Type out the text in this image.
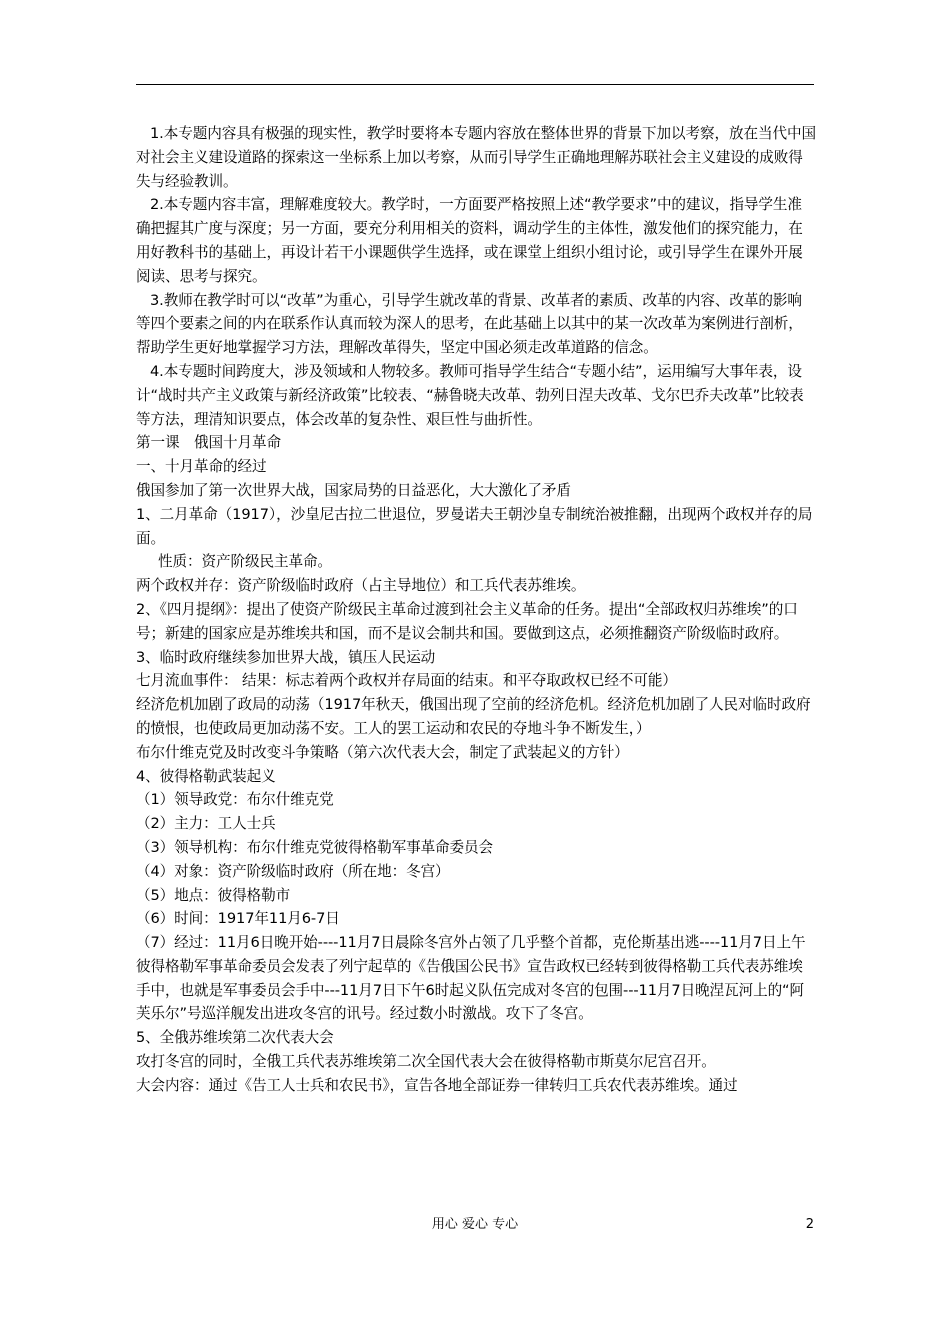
1.本专题内容具有极强的现实性，教学时要将本专题内容放在整体世界的背景下加以考察，放在当代中国对社会主义建设道路的探索这一坐标系上加以考察，从而引导学生正确地理解苏联社会主义建设的成败得失与经验教训。

2.本专题内容丰富，理解难度较大。教学时，一方面要严格按照上述“教学要求”中的建议，指导学生准确把握其广度与深度；另一方面，要充分利用相关的资料，调动学生的主体性，激发他们的探究能力，在用好教科书的基础上，再设计若干小课题供学生选择，或在课堂上组织小组讨论，或引导学生在课外开展阅读、思考与探究。

3.教师在教学时可以“改革”为重心，引导学生就改革的背景、改革者的素质、改革的内容、改革的影响等四个要素之间的内在联系作认真而较为深人的思考，在此基础上以其中的某一次改革为案例进行剖析，帮助学生更好地掌握学习方法，理解改革得失，坚定中国必须走改革道路的信念。

4.本专题时间跨度大，涉及领域和人物较多。教师可指导学生结合“专题小结”，运用编写大事年表，设计“战时共产主义政策与新经济政策”比较表、“赫鲁晓夫改革、勃列日涅夫改革、戈尔巴乔夫改革”比较表等方法，理清知识要点，体会改革的复杂性、艰巨性与曲折性。

第一课　俄国十月革命

一、十月革命的经过

俄国参加了第一次世界大战，国家局势的日益恶化，大大激化了矛盾

1、二月革命（1917），沙皇尼古拉二世退位，罗曼诺夫王朝沙皇专制统治被推翻，出现两个政权并存的局面。

性质：资产阶级民主革命。

两个政权并存：资产阶级临时政府（占主导地位）和工兵代表苏维埃。

2、《四月提纲》：提出了使资产阶级民主革命过渡到社会主义革命的任务。提出“全部政权归苏维埃”的口号；新建的国家应是苏维埃共和国，而不是议会制共和国。要做到这点，必须推翻资产阶级临时政府。

3、临时政府继续参加世界大战，镇压人民运动

七月流血事件： 结果：标志着两个政权并存局面的结束。和平夺取政权已经不可能）

经济危机加剧了政局的动荡（1917年秋天，俄国出现了空前的经济危机。经济危机加剧了人民对临时政府的愤恨，也使政局更加动荡不安。工人的罢工运动和农民的夺地斗争不断发生，）

布尔什维克党及时改变斗争策略（第六次代表大会，制定了武装起义的方针）

4、彼得格勒武装起义

（1）领导政党：布尔什维克党

（2）主力：工人士兵

（3）领导机构：布尔什维克党彼得格勒军事革命委员会

（4）对象：资产阶级临时政府（所在地：冬宫）

（5）地点：彼得格勒市

（6）时间：1917年11月6-7日

（7）经过：11月6日晚开始----11月7日晨除冬宫外占领了几乎整个首都，克伦斯基出逃----11月7日上午彼得格勒军事革命委员会发表了列宁起草的《告俄国公民书》宣告政权已经转到彼得格勒工兵代表苏维埃手中，也就是军事委员会手中---11月7日下午6时起义队伍完成对冬宫的包围---11月7日晚涅瓦河上的“阿芙乐尔”号巡洋舰发出进攻冬宫的讯号。经过数小时激战。攻下了冬宫。

5、全俄苏维埃第二次代表大会

攻打冬宫的同时，全俄工兵代表苏维埃第二次全国代表大会在彼得格勒市斯莫尔尼宫召开。

大会内容：通过《告工人士兵和农民书》，宣告各地全部证券一律转归工兵农代表苏维埃。通过

用心 爱心 专心	2
